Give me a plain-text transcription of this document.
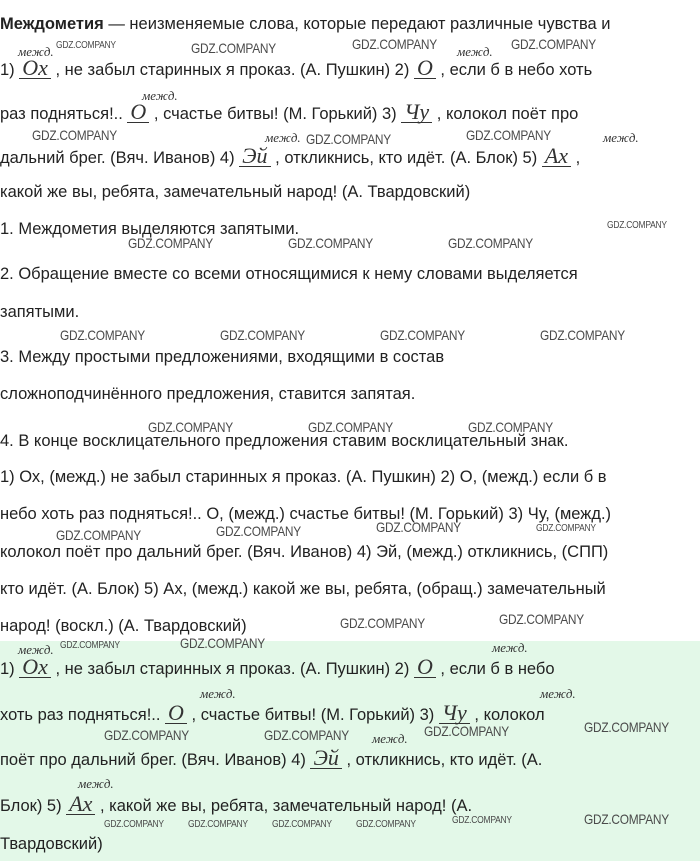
Междометия — неизменяемые слова, которые передают различные чувства и
1) Ох , не забыл старинных я проказ. (А. Пушкин) 2) О , если б в небо хоть
раз подняться!.. О , счастье битвы! (М. Горький) 3) Чу , колокол поёт про
дальний брег. (Вяч. Иванов) 4) Эй , откликнись, кто идёт. (А. Блок) 5) Ах ,
какой же вы, ребята, замечательный народ! (А. Твардовский)
межд.	межд.
межд.
межд.	межд.
1. Междометия выделяются запятыми.
2. Обращение вместе со всеми относящимися к нему словами выделяется
запятыми.
3. Между простыми предложениями, входящими в состав
сложноподчинённого предложения, ставится запятая.
4. В конце восклицательного предложения ставим восклицательный знак.
1) Ох, (межд.) не забыл старинных я проказ. (А. Пушкин) 2) О, (межд.) если б в
небо хоть раз подняться!.. О, (межд.) счастье битвы! (М. Горький) 3) Чу, (межд.)
колокол поёт про дальний брег. (Вяч. Иванов) 4) Эй, (межд.) откликнись, (СПП)
кто идёт. (А. Блок) 5) Ах, (межд.) какой же вы, ребята, (обращ.) замечательный
народ! (воскл.) (А. Твардовский)
1) Ох , не забыл старинных я проказ. (А. Пушкин) 2) О , если б в небо
хоть раз подняться!.. О , счастье битвы! (М. Горький) 3) Чу , колокол
поёт про дальний брег. (Вяч. Иванов) 4) Эй , откликнись, кто идёт. (А.
Блок) 5) Ах , какой же вы, ребята, замечательный народ! (А.
Твардовский)
межд.	межд.
межд.	межд.
межд.
межд.
GDZ.COMPANY	GDZ.COMPANY	GDZ.COMPANY	GDZ.COMPANY
GDZ.COMPANY	GDZ.COMPANY	GDZ.COMPANY
GDZ.COMPANY
GDZ.COMPANY	GDZ.COMPANY	GDZ.COMPANY
GDZ.COMPANY	GDZ.COMPANY	GDZ.COMPANY	GDZ.COMPANY
GDZ.COMPANY	GDZ.COMPANY	GDZ.COMPANY
GDZ.COMPANY	GDZ.COMPANY	GDZ.COMPANY	GDZ.COMPANY
GDZ.COMPANY	GDZ.COMPANY
GDZ.COMPANY	GDZ.COMPANY
GDZ.COMPANY	GDZ.COMPANY	GDZ.COMPANY	GDZ.COMPANY
GDZ.COMPANY GDZ.COMPANY GDZ.COMPANY GDZ.COMPANY	GDZ.COMPANY	GDZ.COMPANY
